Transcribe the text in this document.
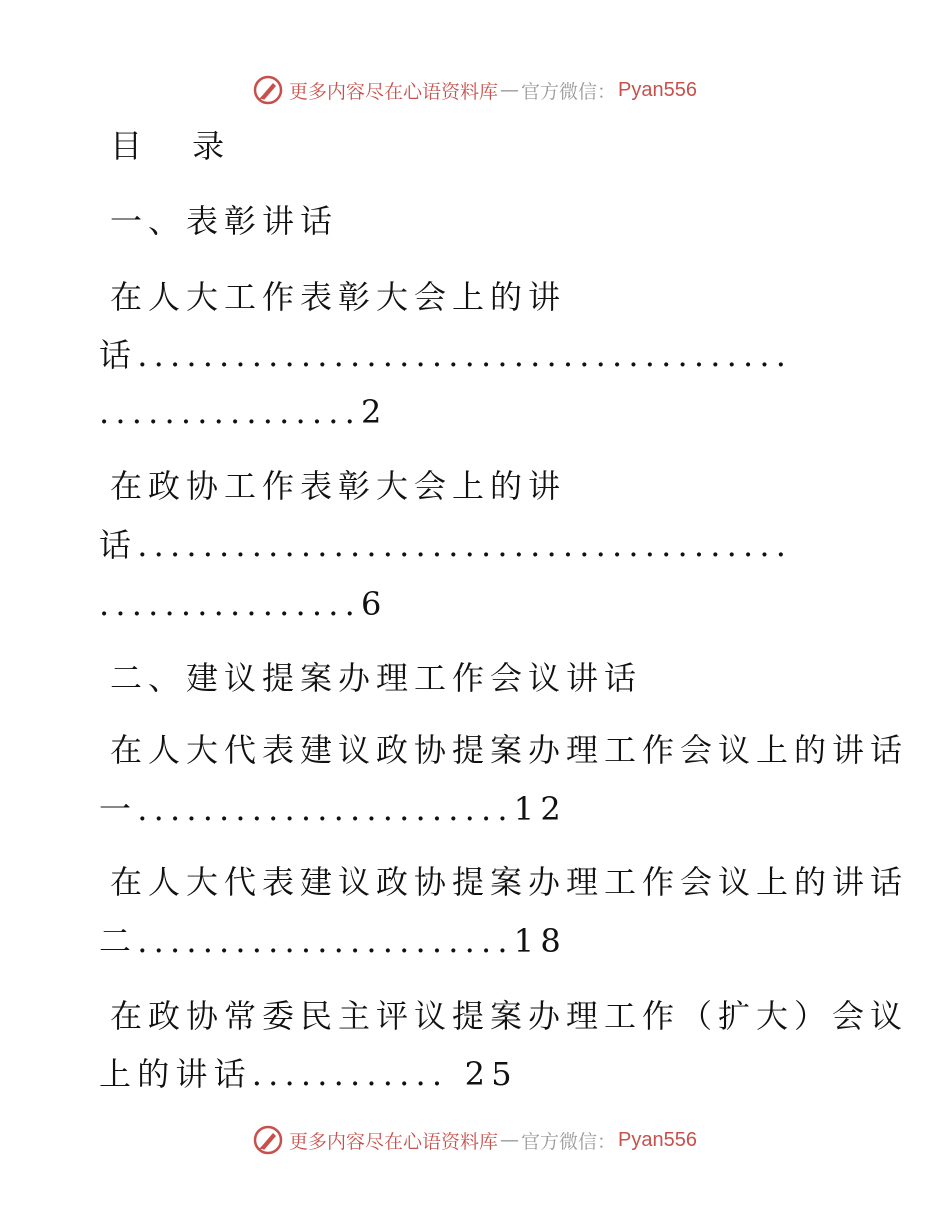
更多内容尽在心语资料库 — 官方微信： Pyan556
目 录
一、表彰讲话
在人大工作表彰大会上的讲
话........................................
................2
在政协工作表彰大会上的讲
话........................................
................6
二、建议提案办理工作会议讲话
在人大代表建议政协提案办理工作会议上的讲话
一.......................12
在人大代表建议政协提案办理工作会议上的讲话
二.......................18
在政协常委民主评议提案办理工作（扩大）会议
上的讲话............ 25
更多内容尽在心语资料库 — 官方微信： Pyan556
